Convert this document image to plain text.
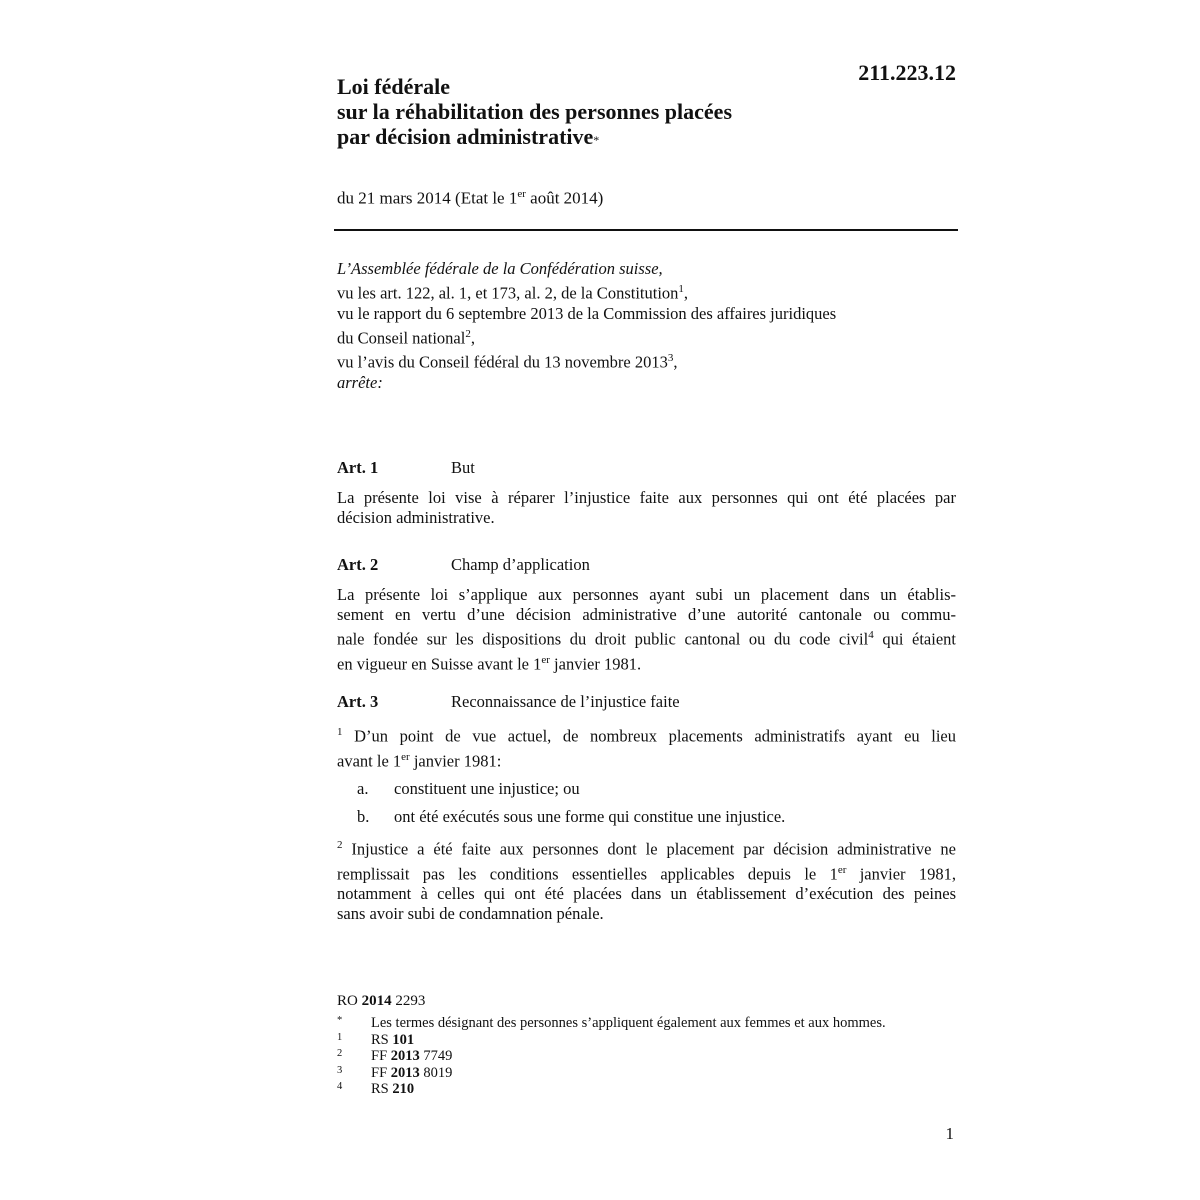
211.223.12
Loi fédérale
sur la réhabilitation des personnes placées
par décision administrative*
du 21 mars 2014 (Etat le 1er août 2014)
L’Assemblée fédérale de la Confédération suisse,
vu les art. 122, al. 1, et 173, al. 2, de la Constitution$^1$,
vu le rapport du 6 septembre 2013 de la Commission des affaires juridiques
du Conseil national$^2$,
vu l’avis du Conseil fédéral du 13 novembre 2013$^3$,
arrête:
Art. 1	But
La présente loi vise à réparer l’injustice faite aux personnes qui ont été placées par
décision administrative.
Art. 2	Champ d’application
La présente loi s’applique aux personnes ayant subi un placement dans un établis-
sement en vertu d’une décision administrative d’une autorité cantonale ou commu-
nale fondée sur les dispositions du droit public cantonal ou du code civil$^4$ qui étaient
en vigueur en Suisse avant le 1er janvier 1981.
Art. 3	Reconnaissance de l’injustice faite
$^1$ D’un point de vue actuel, de nombreux placements administratifs ayant eu lieu
avant le 1er janvier 1981:
a. constituent une injustice; ou
b. ont été exécutés sous une forme qui constitue une injustice.
$^2$ Injustice a été faite aux personnes dont le placement par décision administrative ne
remplissait pas les conditions essentielles applicables depuis le 1er janvier 1981,
notamment à celles qui ont été placées dans un établissement d’exécution des peines
sans avoir subi de condamnation pénale.
RO 2014 2293
* Les termes désignant des personnes s’appliquent également aux femmes et aux hommes.
1 RS 101
2 FF 2013 7749
3 FF 2013 8019
4 RS 210
1
